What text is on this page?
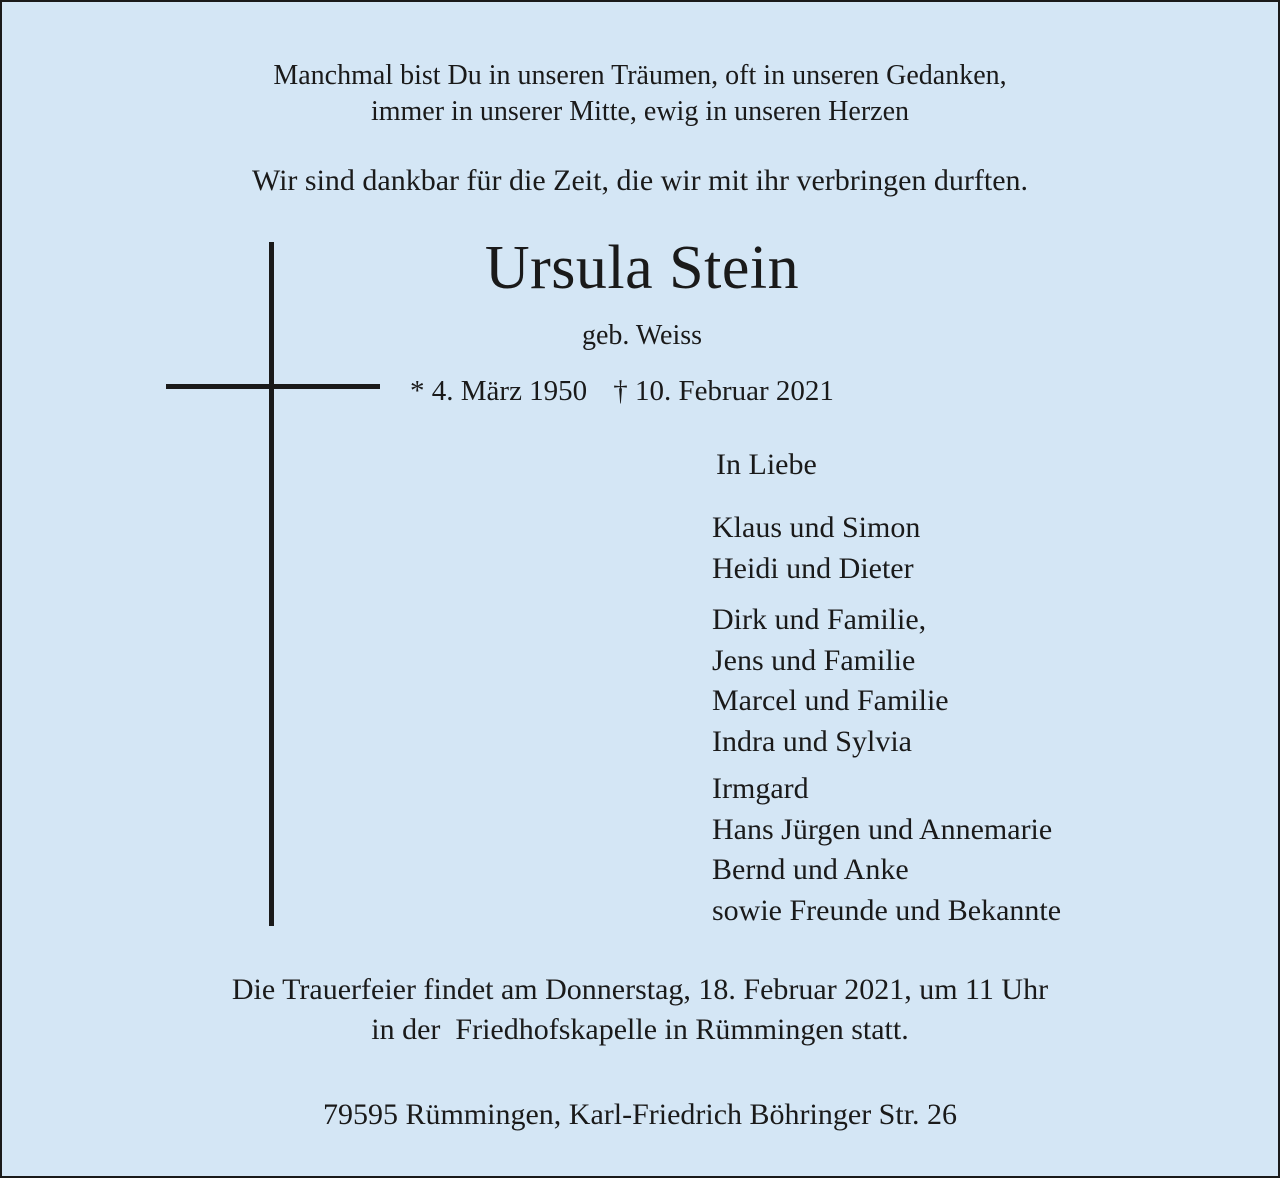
Manchmal bist Du in unseren Träumen, oft in unseren Gedanken,
immer in unserer Mitte, ewig in unseren Herzen

Wir sind dankbar für die Zeit, die wir mit ihr verbringen durften.

Ursula Stein

geb. Weiss

* 4. März 1950 † 10. Februar 2021

In Liebe

Klaus und Simon
Heidi und Dieter
Dirk und Familie,
Jens und Familie
Marcel und Familie
Indra und Sylvia
Irmgard
Hans Jürgen und Annemarie
Bernd und Anke
sowie Freunde und Bekannte

Die Trauerfeier findet am Donnerstag, 18. Februar 2021, um 11 Uhr
in der  Friedhofskapelle in Rümmingen statt.

79595 Rümmingen, Karl-Friedrich Böhringer Str. 26
